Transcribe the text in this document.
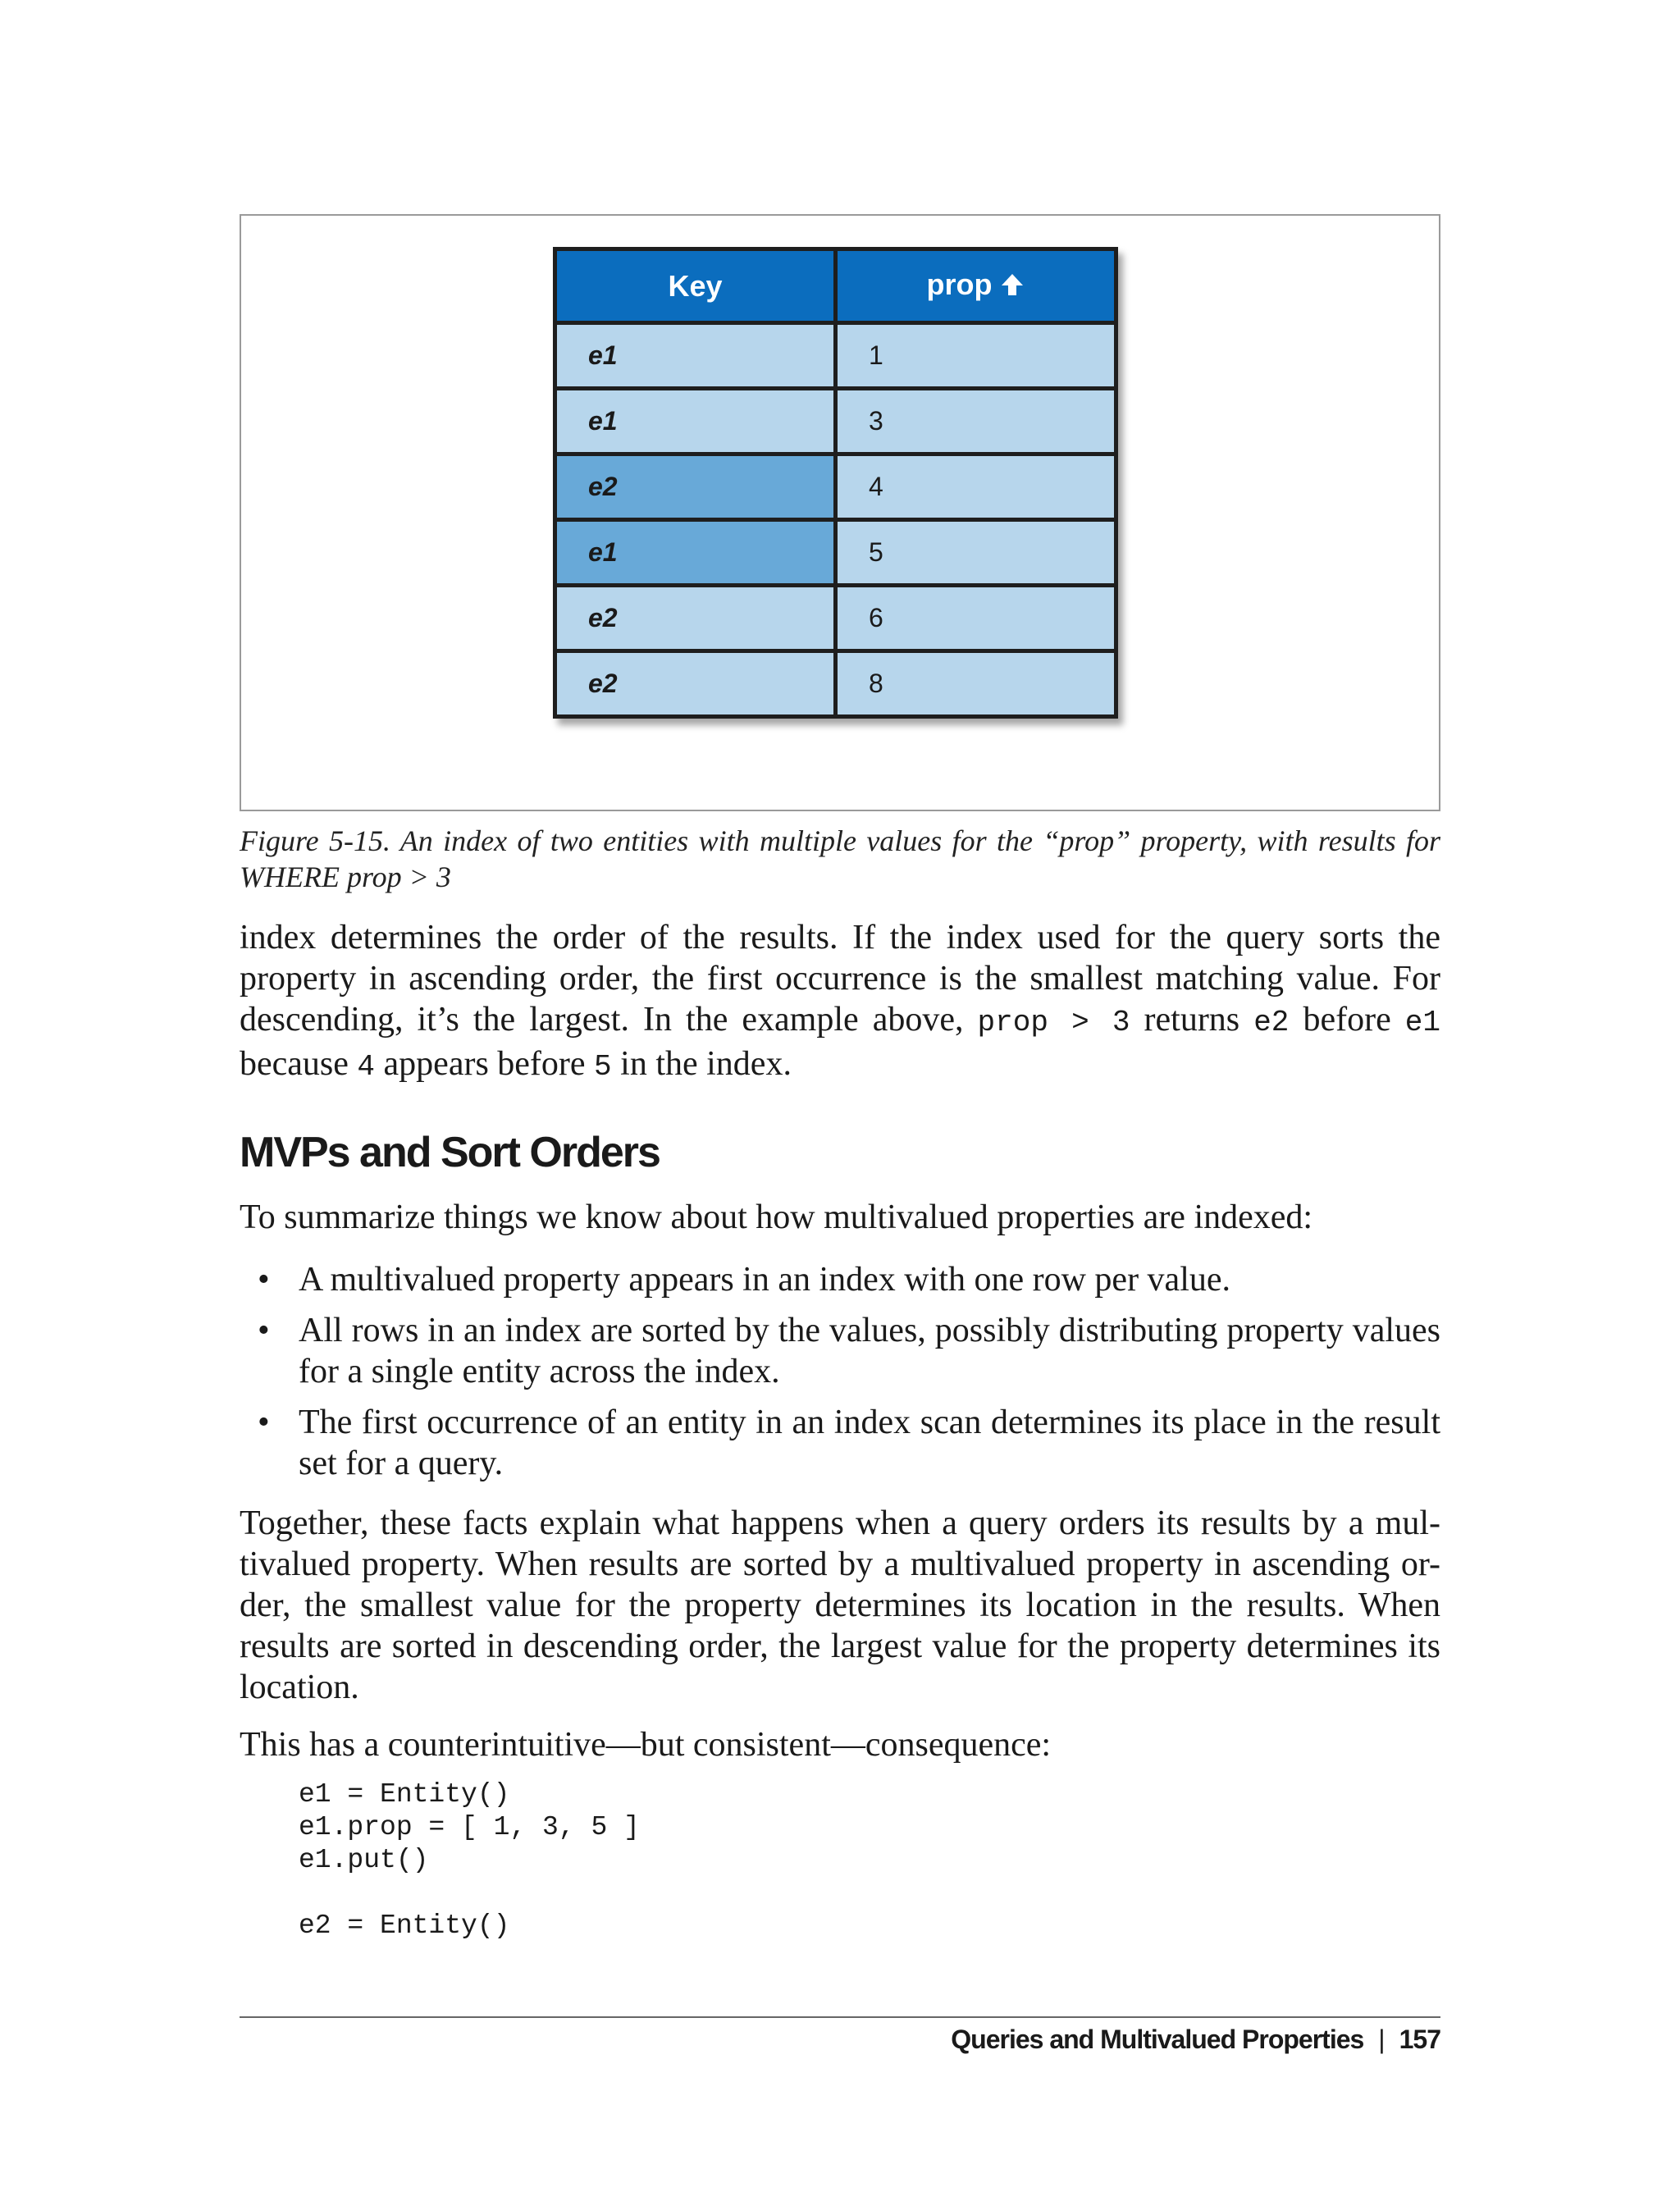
Key	prop
e1	1
e1	3
e2	4
e1	5
e2	6
e2	8
Figure 5-15. An index of two entities with multiple values for the “prop” property, with results for WHERE prop > 3

index determines the order of the results. If the index used for the query sorts the property in ascending order, the first occurrence is the smallest matching value. For descending, it’s the largest. In the example above, prop > 3 returns e2 before e1 because 4 appears before 5 in the index.

MVPs and Sort Orders

To summarize things we know about how multivalued properties are indexed:

• A multivalued property appears in an index with one row per value.
• All rows in an index are sorted by the values, possibly distributing property values for a single entity across the index.
• The first occurrence of an entity in an index scan determines its place in the result set for a query.

Together, these facts explain what happens when a query orders its results by a mul-tivalued property. When results are sorted by a multivalued property in ascending or-der, the smallest value for the property determines its location in the results. When results are sorted in descending order, the largest value for the property determines its location.

This has a counterintuitive—but consistent—consequence:

e1 = Entity()
e1.prop = [ 1, 3, 5 ]
e1.put()

e2 = Entity()
Queries and Multivalued Properties | 157
